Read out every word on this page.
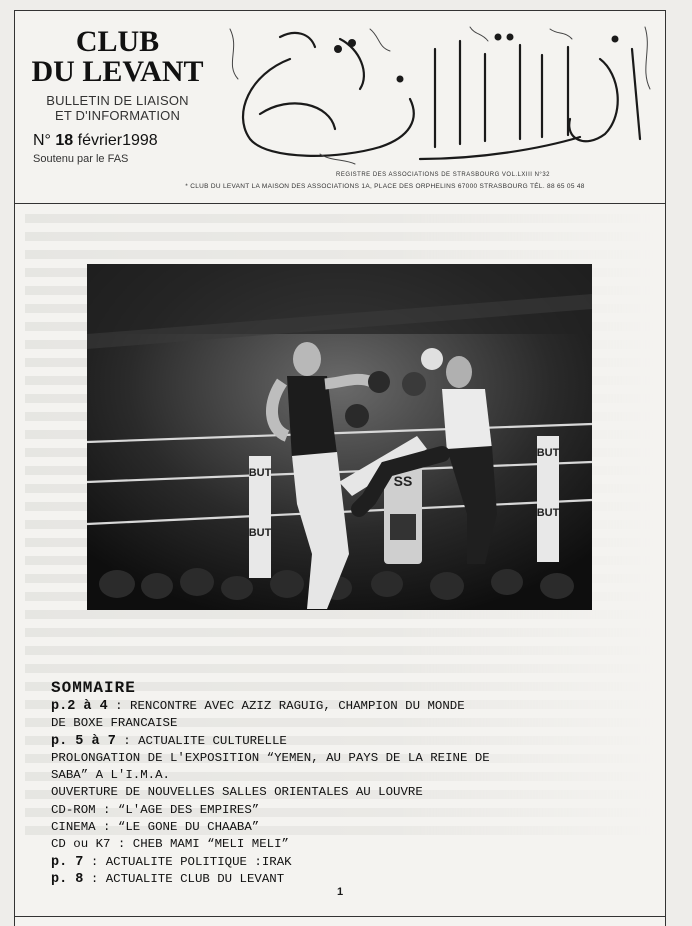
CLUB
DU LEVANT
BULLETIN DE LIAISON
ET D'INFORMATION
N° 18 février1998
Soutenu par le FAS
نادي المشرق
REGISTRE DES ASSOCIATIONS DE STRASBOURG VOL.LXIII N°32
* CLUB DU LEVANT LA MAISON DES ASSOCIATIONS 1A, PLACE DES ORPHELINS 67000 STRASBOURG TÉL. 88 65 05 48
BUT
BUT
BUT
BUT
SS
SOMMAIRE
p.2 à 4 : RENCONTRE AVEC AZIZ RAGUIG, CHAMPION DU MONDE
DE BOXE FRANCAISE
p. 5 à 7 : ACTUALITE CULTURELLE
PROLONGATION DE L'EXPOSITION “YEMEN, AU PAYS DE LA REINE DE
SABA” A L'I.M.A.
OUVERTURE DE NOUVELLES SALLES ORIENTALES AU LOUVRE
CD-ROM : “L'AGE DES EMPIRES”
CINEMA : “LE GONE DU CHAABA”
CD ou K7 : CHEB MAMI “MELI MELI”
p. 7 : ACTUALITE POLITIQUE :IRAK
p. 8 : ACTUALITE CLUB DU LEVANT
1
